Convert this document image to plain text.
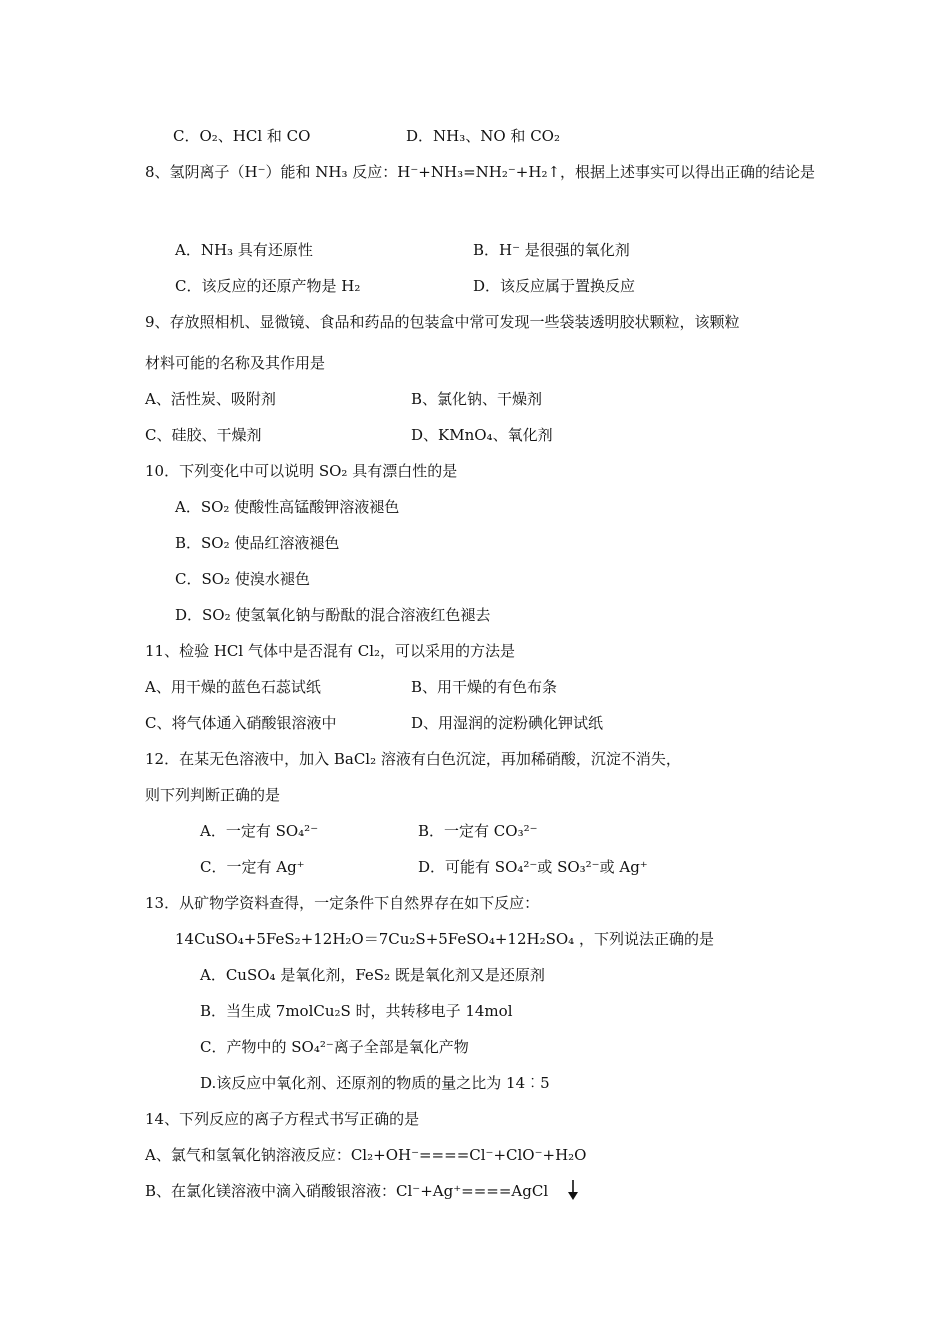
C．O₂、HCl 和 CO	D．NH₃、NO 和 CO₂
8、氢阴离子（H⁻）能和 NH₃ 反应：H⁻+NH₃=NH₂⁻+H₂↑，根据上述事实可以得出正确的结论是
A．NH₃ 具有还原性	B．H⁻ 是很强的氧化剂
C．该反应的还原产物是 H₂	D．该反应属于置换反应
9、存放照相机、显微镜、食品和药品的包装盒中常可发现一些袋装透明胶状颗粒，该颗粒
材料可能的名称及其作用是
A、活性炭、吸附剂	B、氯化钠、干燥剂
C、硅胶、干燥剂	D、KMnO₄、氧化剂
10．下列变化中可以说明 SO₂ 具有漂白性的是
A．SO₂ 使酸性高锰酸钾溶液褪色
B．SO₂ 使品红溶液褪色
C．SO₂ 使溴水褪色
D．SO₂ 使氢氧化钠与酚酞的混合溶液红色褪去
11、检验 HCl 气体中是否混有 Cl₂，可以采用的方法是
A、用干燥的蓝色石蕊试纸	B、用干燥的有色布条
C、将气体通入硝酸银溶液中	D、用湿润的淀粉碘化钾试纸
12．在某无色溶液中，加入 BaCl₂ 溶液有白色沉淀，再加稀硝酸，沉淀不消失，
则下列判断正确的是
A．一定有 SO₄²⁻	B．一定有 CO₃²⁻
C．一定有 Ag⁺	D．可能有 SO₄²⁻或 SO₃²⁻或 Ag⁺
13．从矿物学资料查得，一定条件下自然界存在如下反应：
14CuSO₄+5FeS₂+12H₂O＝7Cu₂S+5FeSO₄+12H₂SO₄ ，下列说法正确的是
A．CuSO₄ 是氧化剂，FeS₂ 既是氧化剂又是还原剂
B．当生成 7molCu₂S 时，共转移电子 14mol
C．产物中的 SO₄²⁻离子全部是氧化产物
D.该反应中氧化剂、还原剂的物质的量之比为 14︰5
14、下列反应的离子方程式书写正确的是
A、氯气和氢氧化钠溶液反应：Cl₂+OH⁻====Cl⁻+ClO⁻+H₂O
B、在氯化镁溶液中滴入硝酸银溶液：Cl⁻+Ag⁺====AgCl
